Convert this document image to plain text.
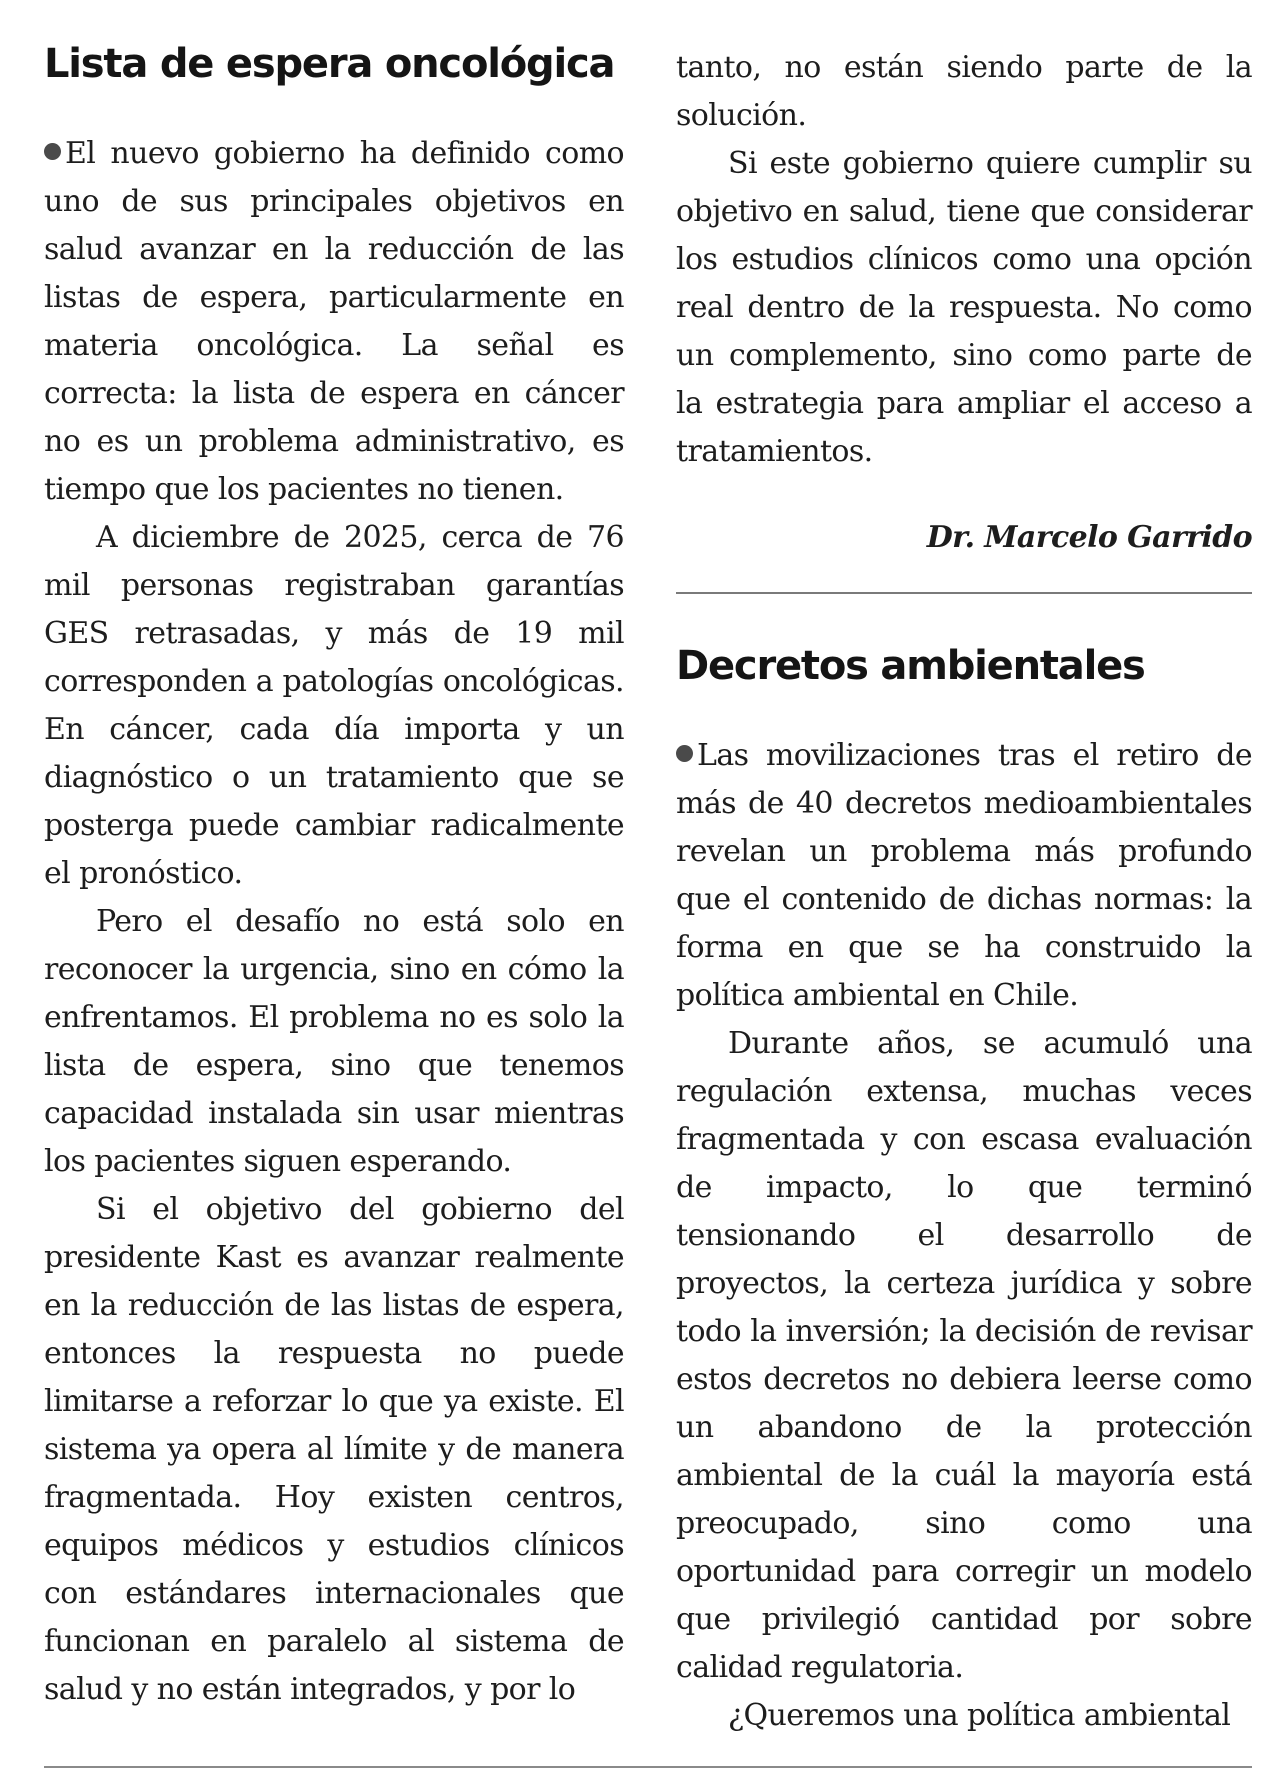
Lista de espera oncológica

El nuevo gobierno ha definido como uno de sus principales objetivos en salud avanzar en la reducción de las listas de espera, particularmente en materia oncológica. La señal es correcta: la lista de espera en cáncer no es un problema administrativo, es tiempo que los pacientes no tienen.

A diciembre de 2025, cerca de 76 mil personas registraban garantías GES retrasadas, y más de 19 mil corresponden a patologías oncológicas. En cáncer, cada día importa y un diagnóstico o un tratamiento que se posterga puede cambiar radicalmente el pronóstico.

Pero el desafío no está solo en reconocer la urgencia, sino en cómo la enfrentamos. El problema no es solo la lista de espera, sino que tenemos capacidad instalada sin usar mientras los pacientes siguen esperando.

Si el objetivo del gobierno del presidente Kast es avanzar realmente en la reducción de las listas de espera, entonces la respuesta no puede limitarse a reforzar lo que ya existe. El sistema ya opera al límite y de manera fragmentada. Hoy existen centros, equipos médicos y estudios clínicos con estándares internacionales que funcionan en paralelo al sistema de salud y no están integrados, y por lo

tanto, no están siendo parte de la solución.

Si este gobierno quiere cumplir su objetivo en salud, tiene que considerar los estudios clínicos como una opción real dentro de la respuesta. No como un complemento, sino como parte de la estrategia para ampliar el acceso a tratamientos.

Dr. Marcelo Garrido

Decretos ambientales

Las movilizaciones tras el retiro de más de 40 decretos medioambientales revelan un problema más profundo que el contenido de dichas normas: la forma en que se ha construido la política ambiental en Chile.

Durante años, se acumuló una regulación extensa, muchas veces fragmentada y con escasa evaluación de impacto, lo que terminó tensionando el desarrollo de proyectos, la certeza jurídica y sobre todo la inversión; la decisión de revisar estos decretos no debiera leerse como un abandono de la protección ambiental de la cuál la mayoría está preocupado, sino como una oportunidad para corregir un modelo que privilegió cantidad por sobre calidad regulatoria.

¿Queremos una política ambiental
